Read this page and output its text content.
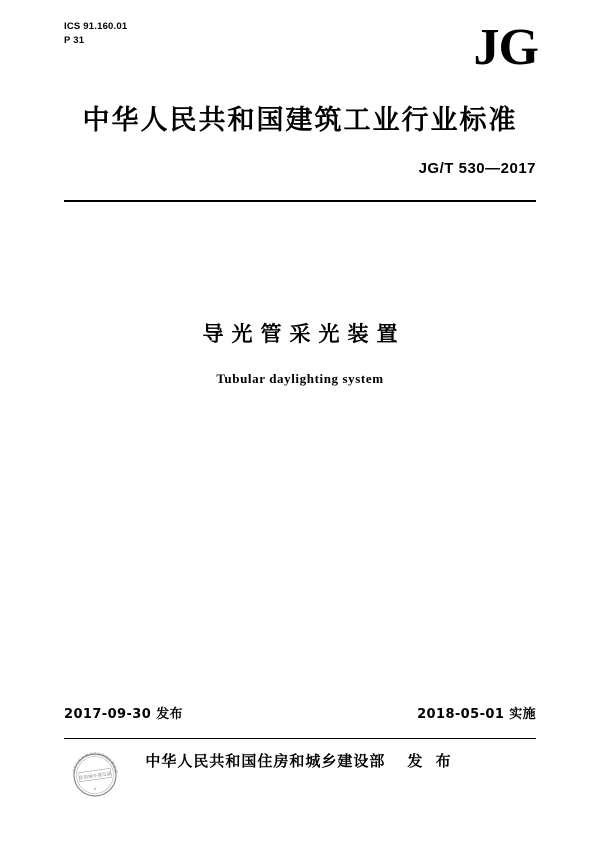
ICS 91.160.01
P 31	JG
中华人民共和国建筑工业行业标准
JG/T 530—2017
导光管采光装置
Tubular daylighting system
2017-09-30 发布	2018-05-01 实施
中华人民共和国住房和城乡建设部 发 布
中华人民共和国住房和城乡建设部
住房城乡建设部
★
